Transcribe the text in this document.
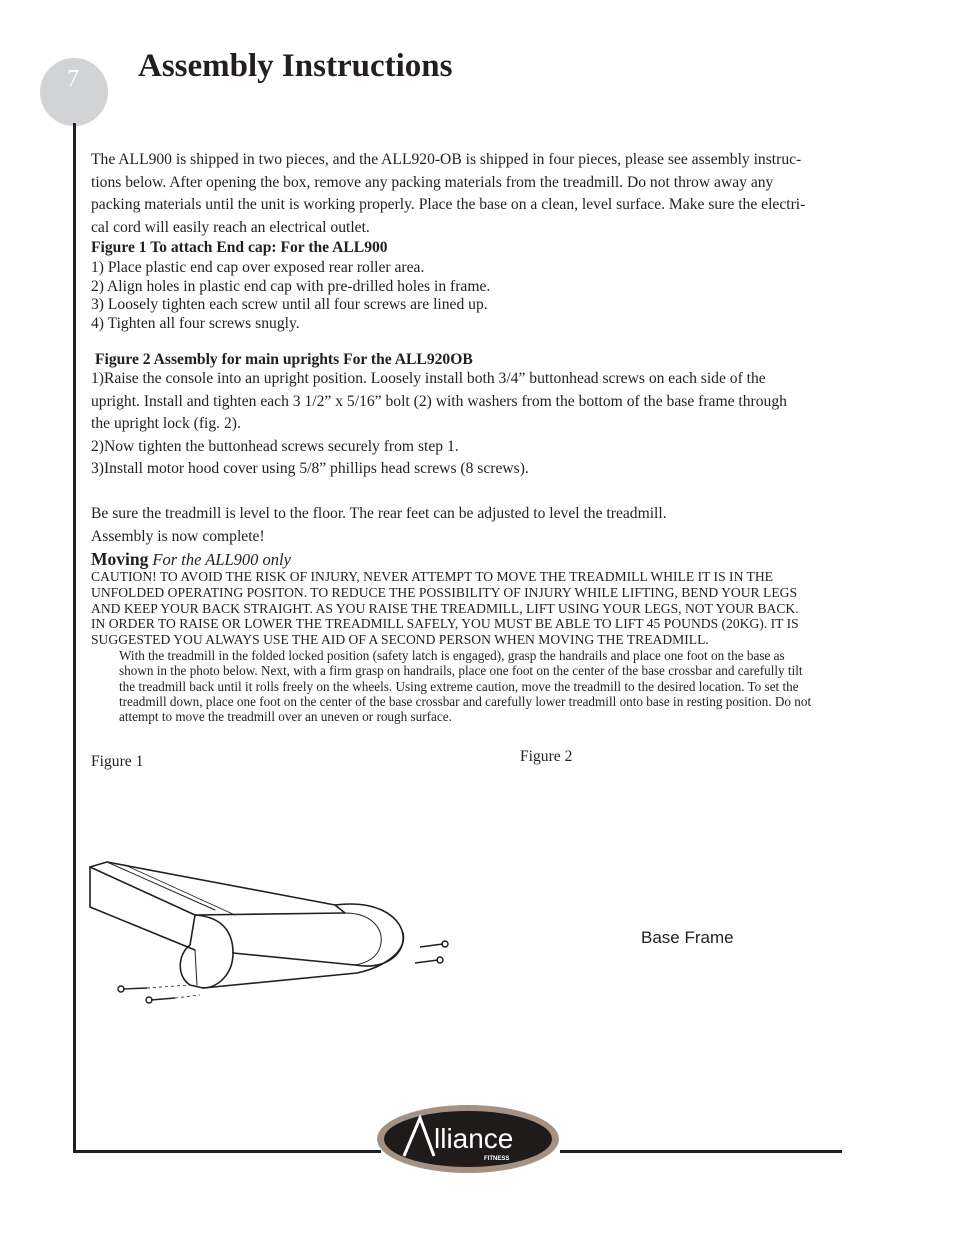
7 Assembly Instructions
The ALL900 is shipped in two pieces, and the ALL920-OB is shipped in four pieces, please see assembly instruc-
tions below. After opening the box, remove any packing materials from the treadmill. Do not throw away any
packing materials until the unit is working properly. Place the base on a clean, level surface. Make sure the electri-
cal cord will easily reach an electrical outlet.
Figure 1 To attach End cap: For the ALL900
1) Place plastic end cap over exposed rear roller area.
2) Align holes in plastic end cap with pre-drilled holes in frame.
3) Loosely tighten each screw until all four screws are lined up.
4) Tighten all four screws snugly.
Figure 2 Assembly for main uprights For the ALL920OB
1)Raise the console into an upright position. Loosely install both 3/4” buttonhead screws on each side of the
upright. Install and tighten each 3 1/2” x 5/16” bolt (2) with washers from the bottom of the base frame through
the upright lock (fig. 2).
2)Now tighten the buttonhead screws securely from step 1.
3)Install motor hood cover using 5/8” phillips head screws (8 screws).
Be sure the treadmill is level to the floor. The rear feet can be adjusted to level the treadmill.
Assembly is now complete!
Moving For the ALL900 only
CAUTION! TO AVOID THE RISK OF INJURY, NEVER ATTEMPT TO MOVE THE TREADMILL WHILE IT IS IN THE
UNFOLDED OPERATING POSITON. TO REDUCE THE POSSIBILITY OF INJURY WHILE LIFTING, BEND YOUR LEGS
AND KEEP YOUR BACK STRAIGHT. AS YOU RAISE THE TREADMILL, LIFT USING YOUR LEGS, NOT YOUR BACK.
IN ORDER TO RAISE OR LOWER THE TREADMILL SAFELY, YOU MUST BE ABLE TO LIFT 45 POUNDS (20KG). IT IS
SUGGESTED YOU ALWAYS USE THE AID OF A SECOND PERSON WHEN MOVING THE TREADMILL.
With the treadmill in the folded locked position (safety latch is engaged), grasp the handrails and place one foot on the base as
shown in the photo below. Next, with a firm grasp on handrails, place one foot on the center of the base crossbar and carefully tilt
the treadmill back until it rolls freely on the wheels. Using extreme caution, move the treadmill to the desired location. To set the
treadmill down, place one foot on the center of the base crossbar and carefully lower treadmill onto base in resting position. Do not
attempt to move the treadmill over an uneven or rough surface.
Figure 1	Figure 2
Base Frame
lliance
FITNESS
